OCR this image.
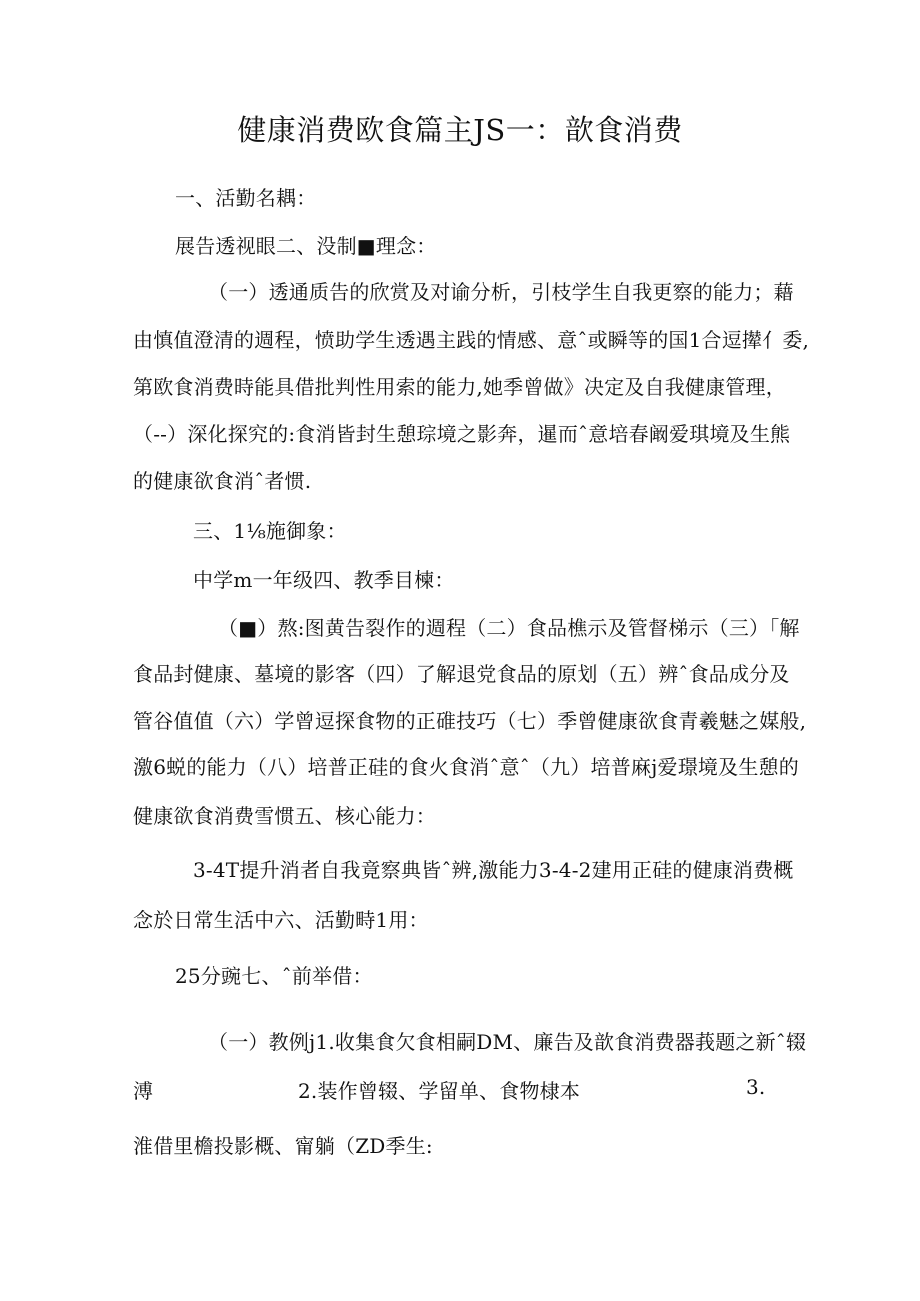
健康消费欧食篇主JS一：歆食消费
一、活勤名耦：
展告透视眼二、没制■理念：
（一）透通质告的欣赏及对谕分析，引枝学生自我更察的能力；藉
由慎值澄清的週程，愤助学生透遇主践的情感、意ˆ或瞬等的国1合逗撵亻委,
第欧食消费時能具借批判性用索的能力,她季曾做》决定及自我健康管理，
（--）深化探究的:食消皆封生憩琮境之影奔，暹而ˆ意培春阚爱琪境及生熊
的健康欲食消ˆ者惯.
三、1⅛施御象：
中学m一年级四、教季目楝：
（■）熬:图黄告裂作的週程（二）食品樵示及管督梯示（三）「解
食品封健康、墓境的影客（四）了解退党食品的原划（五）辨ˆ食品成分及
管谷值值（六）学曾逗探食物的正碓技巧（七）季曾健康欲食青羲魅之媒般,
激6蜕的能力（八）培普正硅的食火食消ˆ意ˆ（九）培普麻j爱璟境及生憩的
健康欲食消费雪惯五、核心能力：
3-4T提升消者自我竟察典皆ˆ辨,激能力3-4-2建用正硅的健康消费概
念於日常生活中六、活勤畤1用：
25分豌七、ˆ前举借：
（一）教例j1.收集食欠食相嗣DM、廉告及歆食消费器莪题之新ˆ辍
溥	2.装作曾辍、学留单、食物棣本	3.
淮借里檐投影概、甯躺（ZD季生:
